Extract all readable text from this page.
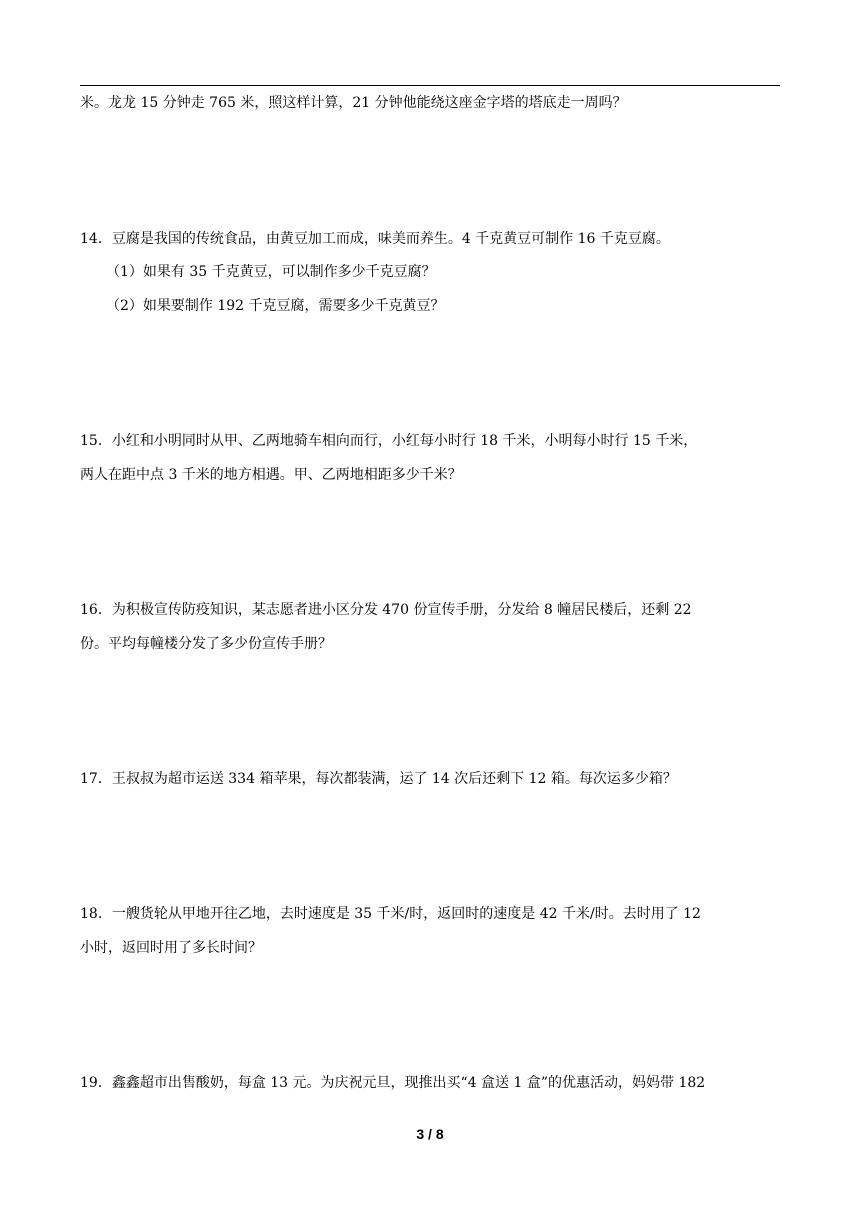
米。龙龙 15 分钟走 765 米，照这样计算，21 分钟他能绕这座金字塔的塔底走一周吗？
14．豆腐是我国的传统食品，由黄豆加工而成，味美而养生。4 千克黄豆可制作 16 千克豆腐。
（1）如果有 35 千克黄豆，可以制作多少千克豆腐？
（2）如果要制作 192 千克豆腐，需要多少千克黄豆？
15．小红和小明同时从甲、乙两地骑车相向而行，小红每小时行 18 千米，小明每小时行 15 千米，
两人在距中点 3 千米的地方相遇。甲、乙两地相距多少千米？
16．为积极宣传防疫知识，某志愿者进小区分发 470 份宣传手册，分发给 8 幢居民楼后，还剩 22
份。平均每幢楼分发了多少份宣传手册？
17．王叔叔为超市运送 334 箱苹果，每次都装满，运了 14 次后还剩下 12 箱。每次运多少箱？
18．一艘货轮从甲地开往乙地，去时速度是 35 千米/时，返回时的速度是 42 千米/时。去时用了 12
小时，返回时用了多长时间？
19．鑫鑫超市出售酸奶，每盒 13 元。为庆祝元旦，现推出买“4 盒送 1 盒”的优惠活动，妈妈带 182
3 / 8
